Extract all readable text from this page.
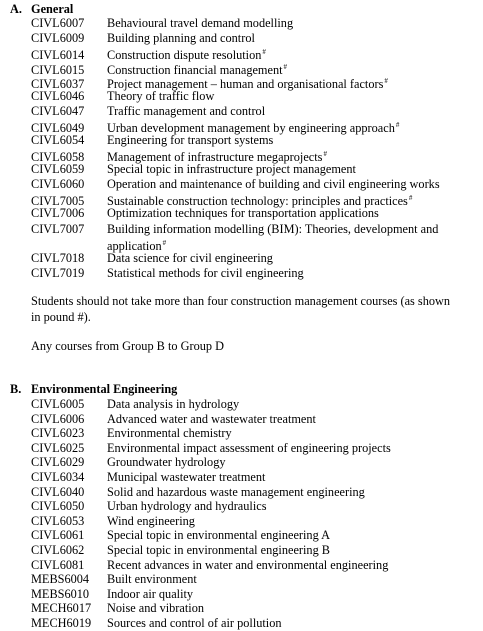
A. General
CIVL6007 Behavioural travel demand modelling
CIVL6009 Building planning and control
CIVL6014 Construction dispute resolution#
CIVL6015 Construction financial management#
CIVL6037 Project management – human and organisational factors#
CIVL6046 Theory of traffic flow
CIVL6047 Traffic management and control
CIVL6049 Urban development management by engineering approach#
CIVL6054 Engineering for transport systems
CIVL6058 Management of infrastructure megaprojects#
CIVL6059 Special topic in infrastructure project management
CIVL6060 Operation and maintenance of building and civil engineering works
CIVL7005 Sustainable construction technology: principles and practices#
CIVL7006 Optimization techniques for transportation applications
CIVL7007 Building information modelling (BIM): Theories, development and
application#
CIVL7018 Data science for civil engineering
CIVL7019 Statistical methods for civil engineering
Students should not take more than four construction management courses (as shown
in pound #).
Any courses from Group B to Group D
B. Environmental Engineering
CIVL6005 Data analysis in hydrology
CIVL6006 Advanced water and wastewater treatment
CIVL6023 Environmental chemistry
CIVL6025 Environmental impact assessment of engineering projects
CIVL6029 Groundwater hydrology
CIVL6034 Municipal wastewater treatment
CIVL6040 Solid and hazardous waste management engineering
CIVL6050 Urban hydrology and hydraulics
CIVL6053 Wind engineering
CIVL6061 Special topic in environmental engineering A
CIVL6062 Special topic in environmental engineering B
CIVL6081 Recent advances in water and environmental engineering
MEBS6004 Built environment
MEBS6010 Indoor air quality
MECH6017 Noise and vibration
MECH6019 Sources and control of air pollution
